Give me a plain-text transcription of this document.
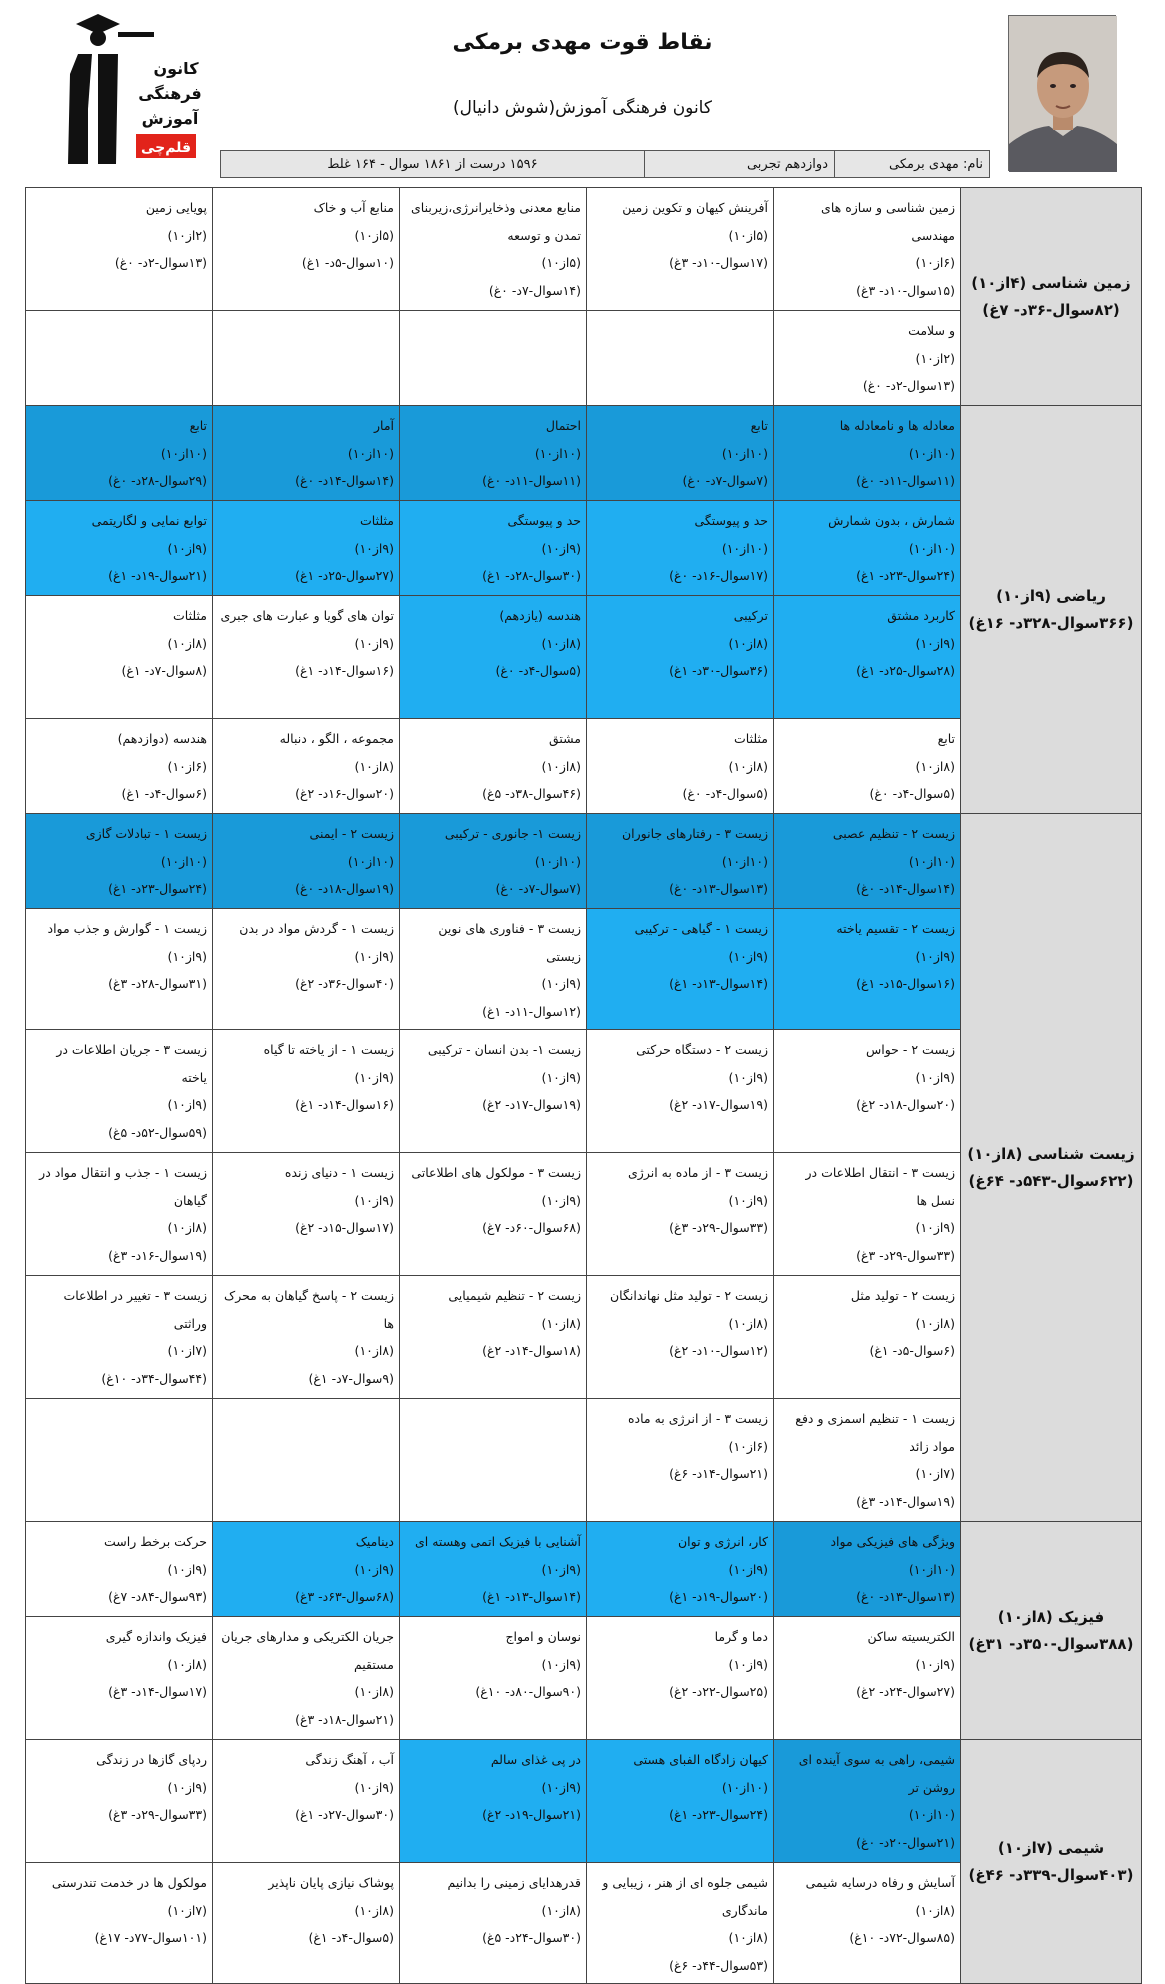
نقاط قوت مهدی برمکی
کانون فرهنگی آموزش(شوش دانیال)
نام: مهدی برمکی
دوازدهم تجربی
۱۵۹۶ درست از ۱۸۶۱ سوال - ۱۶۴ غلط
کانون
فرهنگی
آموزش
قلم‌چی
زمین شناسی (۴از۱۰) (۸۲سوال-۳۶د- ۷غ)	زمین شناسی و سازه های مهندسی
(۶از۱۰)
(۱۵سوال-۱۰د- ۳غ)	آفرینش کیهان و تکوین زمین
(۵از۱۰)
(۱۷سوال-۱۰د- ۳غ)	منابع معدنی وذخایرانرژی،زیربنای تمدن و توسعه
(۵از۱۰)
(۱۴سوال-۷د- ۰غ)	منابع آب و خاک
(۵از۱۰)
(۱۰سوال-۵د- ۱غ)	پویایی زمین
(۲از۱۰)
(۱۳سوال-۲د- ۰غ)

	و سلامت
(۲از۱۰)
(۱۳سوال-۲د- ۰غ)				

ریاضی (۹از۱۰) (۳۶۶سوال-۳۲۸د- ۱۶غ)	معادله ها و نامعادله ها
(۱۰از۱۰)
(۱۱سوال-۱۱د- ۰غ)	تابع
(۱۰از۱۰)
(۷سوال-۷د- ۰غ)	احتمال
(۱۰از۱۰)
(۱۱سوال-۱۱د- ۰غ)	آمار
(۱۰از۱۰)
(۱۴سوال-۱۴د- ۰غ)	تابع
(۱۰از۱۰)
(۲۹سوال-۲۸د- ۰غ)

	شمارش ، بدون شمارش
(۱۰از۱۰)
(۲۴سوال-۲۳د- ۱غ)	حد و پیوستگی
(۱۰از۱۰)
(۱۷سوال-۱۶د- ۰غ)	حد و پیوستگی
(۹از۱۰)
(۳۰سوال-۲۸د- ۱غ)	مثلثات
(۹از۱۰)
(۲۷سوال-۲۵د- ۱غ)	توابع نمایی و لگاریتمی
(۹از۱۰)
(۲۱سوال-۱۹د- ۱غ)

	کاربرد مشتق
(۹از۱۰)
(۲۸سوال-۲۵د- ۱غ)	ترکیبی
(۸از۱۰)
(۳۶سوال-۳۰د- ۱غ)	هندسه (یازدهم)
(۸از۱۰)
(۵سوال-۴د- ۰غ)	توان های گویا و عبارت های جبری
(۹از۱۰)
(۱۶سوال-۱۴د- ۱غ)	مثلثات
(۸از۱۰)
(۸سوال-۷د- ۱غ)

	تابع
(۸از۱۰)
(۵سوال-۴د- ۰غ)	مثلثات
(۸از۱۰)
(۵سوال-۴د- ۰غ)	مشتق
(۸از۱۰)
(۴۶سوال-۳۸د- ۵غ)	مجموعه ، الگو ، دنباله
(۸از۱۰)
(۲۰سوال-۱۶د- ۲غ)	هندسه (دوازدهم)
(۶از۱۰)
(۶سوال-۴د- ۱غ)

زیست شناسی (۸از۱۰) (۶۲۲سوال-۵۴۳د- ۶۴غ)	زیست ۲ - تنظیم عصبی
(۱۰از۱۰)
(۱۴سوال-۱۴د- ۰غ)	زیست ۳ - رفتارهای جانوران
(۱۰از۱۰)
(۱۳سوال-۱۳د- ۰غ)	زیست ۱- جانوری - ترکیبی
(۱۰از۱۰)
(۷سوال-۷د- ۰غ)	زیست ۲ - ایمنی
(۱۰از۱۰)
(۱۹سوال-۱۸د- ۰غ)	زیست ۱ - تبادلات گازی
(۱۰از۱۰)
(۲۴سوال-۲۳د- ۱غ)

	زیست ۲ - تقسیم یاخته
(۹از۱۰)
(۱۶سوال-۱۵د- ۱غ)	زیست ۱ - گیاهی - ترکیبی
(۹از۱۰)
(۱۴سوال-۱۳د- ۱غ)	زیست ۳ - فناوری های نوین زیستی
(۹از۱۰)
(۱۲سوال-۱۱د- ۱غ)	زیست ۱ - گردش مواد در بدن
(۹از۱۰)
(۴۰سوال-۳۶د- ۲غ)	زیست ۱ - گوارش و جذب مواد
(۹از۱۰)
(۳۱سوال-۲۸د- ۳غ)

	زیست ۲ - حواس
(۹از۱۰)
(۲۰سوال-۱۸د- ۲غ)	زیست ۲ - دستگاه حرکتی
(۹از۱۰)
(۱۹سوال-۱۷د- ۲غ)	زیست ۱- بدن انسان - ترکیبی
(۹از۱۰)
(۱۹سوال-۱۷د- ۲غ)	زیست ۱ - از یاخته تا گیاه
(۹از۱۰)
(۱۶سوال-۱۴د- ۱غ)	زیست ۳ - جریان اطلاعات در یاخته
(۹از۱۰)
(۵۹سوال-۵۲د- ۵غ)

	زیست ۳ - انتقال اطلاعات در نسل ها
(۹از۱۰)
(۳۳سوال-۲۹د- ۳غ)	زیست ۳ - از ماده به انرژی
(۹از۱۰)
(۳۳سوال-۲۹د- ۳غ)	زیست ۳ - مولکول های اطلاعاتی
(۹از۱۰)
(۶۸سوال-۶۰د- ۷غ)	زیست ۱ - دنیای زنده
(۹از۱۰)
(۱۷سوال-۱۵د- ۲غ)	زیست ۱ - جذب و انتقال مواد در گیاهان
(۸از۱۰)
(۱۹سوال-۱۶د- ۳غ)

	زیست ۲ - تولید مثل
(۸از۱۰)
(۶سوال-۵د- ۱غ)	زیست ۲ - تولید مثل نهاندانگان
(۸از۱۰)
(۱۲سوال-۱۰د- ۲غ)	زیست ۲ - تنظیم شیمیایی
(۸از۱۰)
(۱۸سوال-۱۴د- ۲غ)	زیست ۲ - پاسخ گیاهان به محرک ها
(۸از۱۰)
(۹سوال-۷د- ۱غ)	زیست ۳ - تغییر در اطلاعات وراثتی
(۷از۱۰)
(۴۴سوال-۳۴د- ۱۰غ)

	زیست ۱ - تنظیم اسمزی و دفع مواد زائد
(۷از۱۰)
(۱۹سوال-۱۴د- ۳غ)	زیست ۳ - از انرژی به ماده
(۶از۱۰)
(۲۱سوال-۱۴د- ۶غ)			

فیزیک (۸از۱۰) (۳۸۸سوال-۳۵۰د- ۳۱غ)	ویژگی های فیزیکی مواد
(۱۰از۱۰)
(۱۳سوال-۱۳د- ۰غ)	کار، انرژی و توان
(۹از۱۰)
(۲۰سوال-۱۹د- ۱غ)	آشنایی با فیزیک اتمی وهسته ای
(۹از۱۰)
(۱۴سوال-۱۳د- ۱غ)	دینامیک
(۹از۱۰)
(۶۸سوال-۶۳د- ۳غ)	حرکت برخط راست
(۹از۱۰)
(۹۳سوال-۸۴د- ۷غ)

	الکتریسیته ساکن
(۹از۱۰)
(۲۷سوال-۲۴د- ۲غ)	دما و گرما
(۹از۱۰)
(۲۵سوال-۲۲د- ۲غ)	نوسان و امواج
(۹از۱۰)
(۹۰سوال-۸۰د- ۱۰غ)	جریان الکتریکی و مدارهای جریان مستقیم
(۸از۱۰)
(۲۱سوال-۱۸د- ۳غ)	فیزیک واندازه گیری
(۸از۱۰)
(۱۷سوال-۱۴د- ۳غ)

شیمی (۷از۱۰) (۴۰۳سوال-۳۳۹د- ۴۶غ)	شیمی، راهی به سوی آینده ای روشن تر
(۱۰از۱۰)
(۲۱سوال-۲۰د- ۰غ)	کیهان زادگاه الفبای هستی
(۱۰از۱۰)
(۲۴سوال-۲۳د- ۱غ)	در پی غذای سالم
(۹از۱۰)
(۲۱سوال-۱۹د- ۲غ)	آب ، آهنگ زندگی
(۹از۱۰)
(۳۰سوال-۲۷د- ۱غ)	ردپای گازها در زندگی
(۹از۱۰)
(۳۳سوال-۲۹د- ۳غ)

	آسایش و رفاه درسایه شیمی
(۸از۱۰)
(۸۵سوال-۷۲د- ۱۰غ)	شیمی جلوه ای از هنر ، زیبایی و ماندگاری
(۸از۱۰)
(۵۳سوال-۴۴د- ۶غ)	قدرهدایای زمینی را بدانیم
(۸از۱۰)
(۳۰سوال-۲۴د- ۵غ)	پوشاک نیازی پایان ناپذیر
(۸از۱۰)
(۵سوال-۴د- ۱غ)	مولکول ها در خدمت تندرستی
(۷از۱۰)
(۱۰۱سوال-۷۷د- ۱۷غ)
